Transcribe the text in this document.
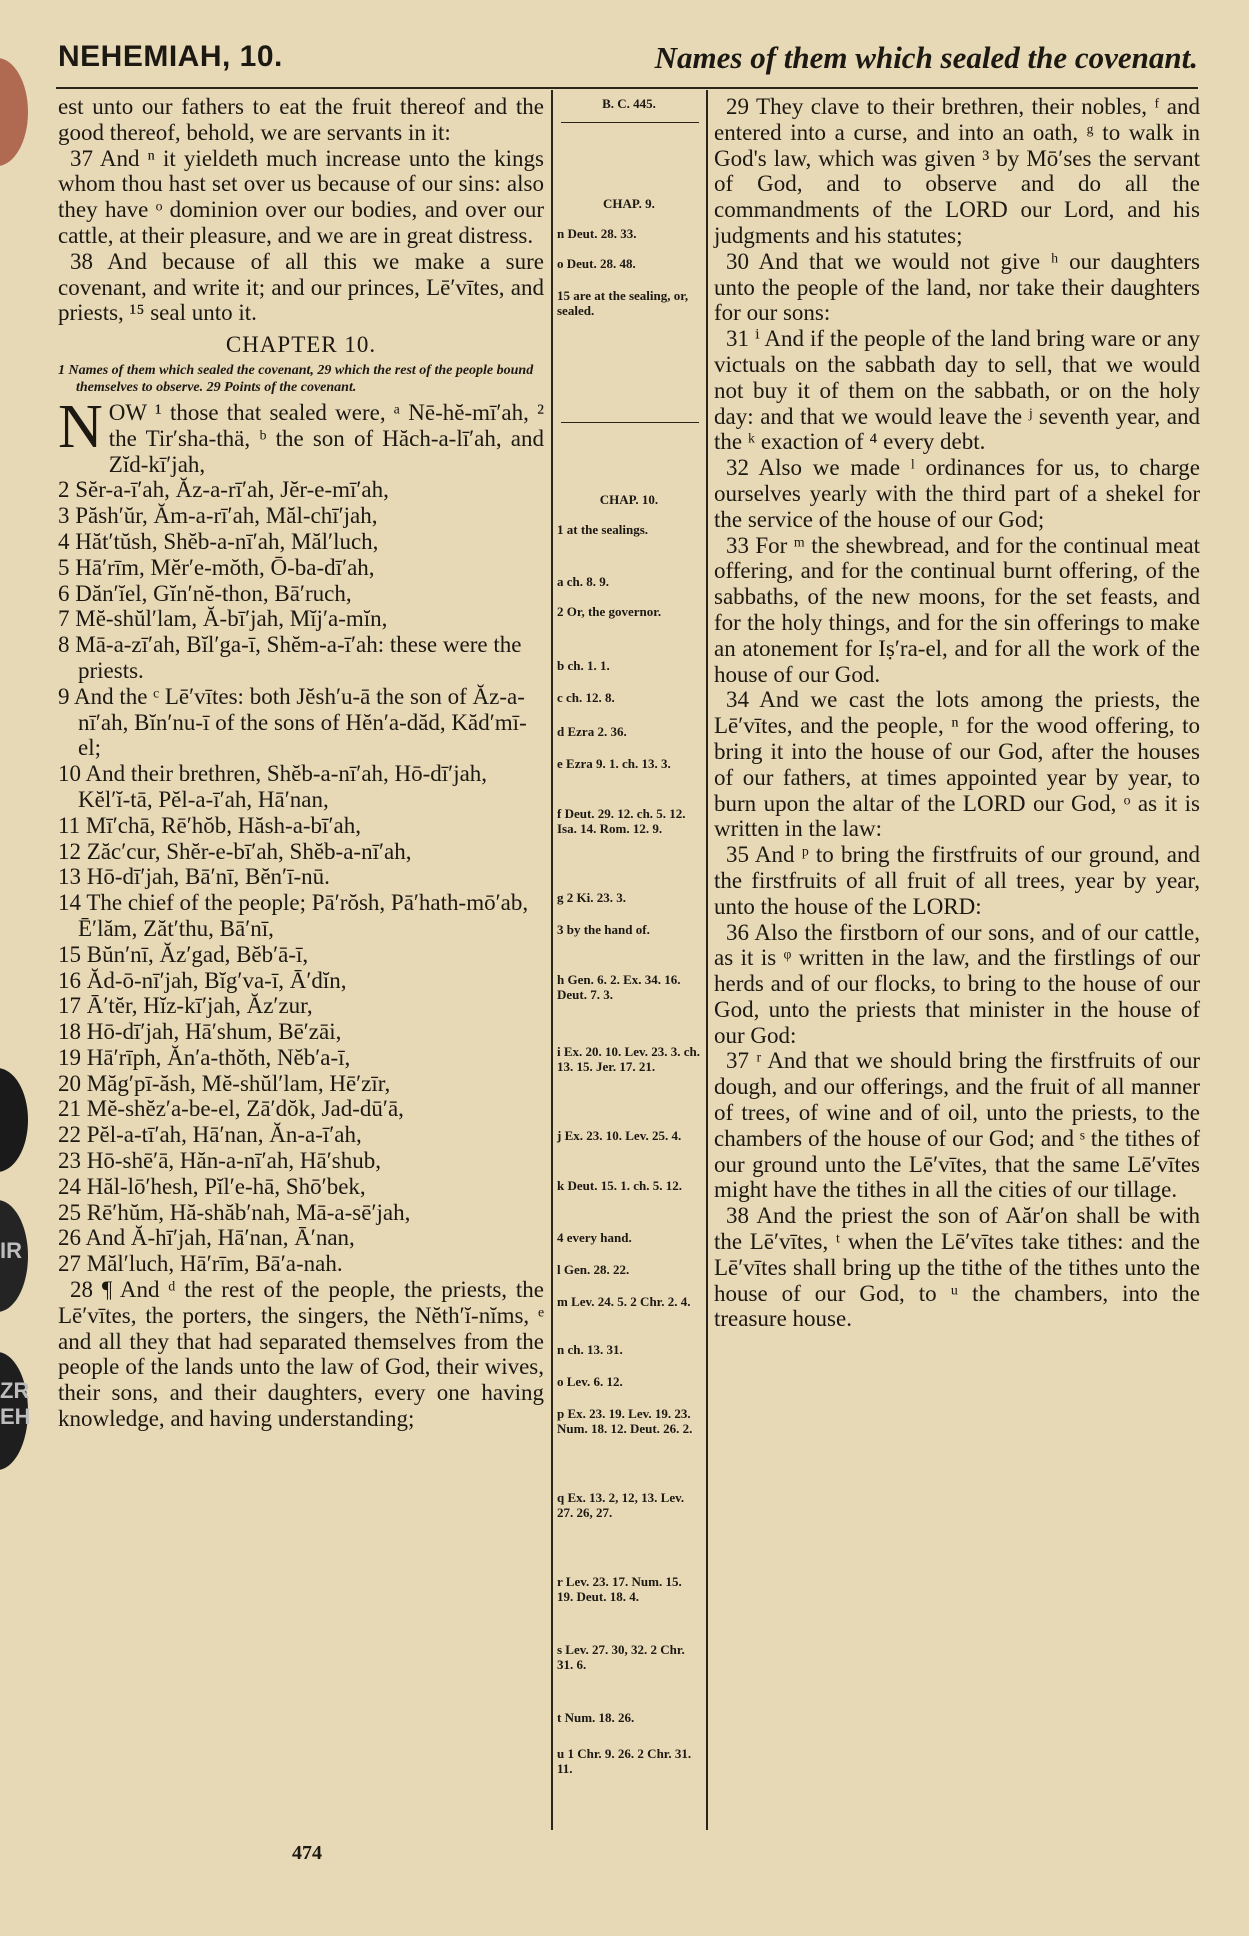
IR
ZR
EH
NEHEMIAH, 10.	Names of them which sealed the covenant.

est unto our fathers to eat the fruit thereof and the good thereof, behold, we are servants in it:

37 And ⁿ it yieldeth much increase unto the kings whom thou hast set over us because of our sins: also they have ᵒ dominion over our bodies, and over our cattle, at their pleasure, and we are in great distress.

38 And because of all this we make a sure covenant, and write it; and our princes, Lē′vītes, and priests, ¹⁵ seal unto it.

CHAPTER 10.

1 Names of them which sealed the covenant, 29 which the rest of the people bound themselves to observe. 29 Points of the covenant.

NOW ¹ those that sealed were, ᵃ Nē-hĕ-mī′ah, ² the Tir′sha-thä, ᵇ the son of Hăch-a-lī′ah, and Zĭd-kī′jah,

2 Sĕr-a-ī′ah, Ăz-a-rī′ah, Jĕr-e-mī′ah,

3 Păsh′ŭr, Ăm-a-rī′ah, Măl-chī′jah,

4 Hăt′tŭsh, Shĕb-a-nī′ah, Măl′luch,

5 Hā′rīm, Mĕr′e-mŏth, Ō-ba-dī′ah,

6 Dăn′ĭel, Gĭn′nĕ-thon, Bā′ruch,

7 Mĕ-shŭl′lam, Ă-bī′jah, Mĭj′a-mĭn,

8 Mā-a-zī′ah, Bĭl′ga-ī, Shĕm-a-ī′ah: these were the priests.

9 And the ᶜ Lē′vītes: both Jĕsh′u-ā the son of Ăz-a-nī′ah, Bĭn′nu-ī of the sons of Hĕn′a-dăd, Kăd′mī-el;

10 And their brethren, Shĕb-a-nī′ah, Hō-dī′jah, Kĕl′ĭ-tā, Pĕl-a-ī′ah, Hā′nan,

11 Mī′chā, Rē′hŏb, Hăsh-a-bī′ah,

12 Zăc′cur, Shĕr-e-bī′ah, Shĕb-a-nī′ah,

13 Hō-dī′jah, Bā′nī, Bĕn′ī-nū.

14 The chief of the people; Pā′rŏsh, Pā′hath-mō′ab, Ē′lăm, Zăt′thu, Bā′nī,

15 Bŭn′nī, Ăz′gad, Bĕb′ā-ī,

16 Ăd-ō-nī′jah, Bĭg′va-ī, Ā′dĭn,

17 Ā′tĕr, Hĭz-kī′jah, Ăz′zur,

18 Hō-dī′jah, Hā′shum, Bē′zāi,

19 Hā′rīph, Ăn′a-thŏth, Nĕb′a-ī,

20 Măg′pī-ăsh, Mĕ-shŭl′lam, Hē′zīr,

21 Mĕ-shĕz′a-be-el, Zā′dŏk, Jad-dū′ā,

22 Pĕl-a-tī′ah, Hā′nan, Ăn-a-ī′ah,

23 Hō-shē′ā, Hăn-a-nī′ah, Hā′shub,

24 Hăl-lō′hesh, Pĭl′e-hā, Shō′bek,

25 Rē′hŭm, Hă-shăb′nah, Mā-a-sē′jah,

26 And Ă-hī′jah, Hā′nan, Ā′nan,

27 Măl′luch, Hā′rīm, Bā′a-nah.

28 ¶ And ᵈ the rest of the people, the priests, the Lē′vītes, the porters, the singers, the Nĕth′ĭ-nĭms, ᵉ and all they that had separated themselves from the people of the lands unto the law of God, their wives, their sons, and their daughters, every one having knowledge, and having understanding;

B. C. 445.
CHAP. 9.
n Deut. 28. 33.
o Deut. 28. 48.
15 are at the sealing, or, sealed.
CHAP. 10.
1 at the sealings.
a ch. 8. 9.
2 Or, the governor.
b ch. 1. 1.
c ch. 12. 8.
d Ezra 2. 36.
e Ezra 9. 1. ch. 13. 3.
f Deut. 29. 12. ch. 5. 12. Isa. 14. Rom. 12. 9.
g 2 Ki. 23. 3.
3 by the hand of.
h Gen. 6. 2. Ex. 34. 16. Deut. 7. 3.
i Ex. 20. 10. Lev. 23. 3. ch. 13. 15. Jer. 17. 21.
j Ex. 23. 10. Lev. 25. 4.
k Deut. 15. 1. ch. 5. 12.
4 every hand.
l Gen. 28. 22.
m Lev. 24. 5. 2 Chr. 2. 4.
n ch. 13. 31.
o Lev. 6. 12.
p Ex. 23. 19. Lev. 19. 23. Num. 18. 12. Deut. 26. 2.
q Ex. 13. 2, 12, 13. Lev. 27. 26, 27.
r Lev. 23. 17. Num. 15. 19. Deut. 18. 4.
s Lev. 27. 30, 32. 2 Chr. 31. 6.
t Num. 18. 26.
u 1 Chr. 9. 26. 2 Chr. 31. 11.

29 They clave to their brethren, their nobles, ᶠ and entered into a curse, and into an oath, ᵍ to walk in God's law, which was given ³ by Mō′ses the servant of God, and to observe and do all the commandments of the LORD our Lord, and his judgments and his statutes;

30 And that we would not give ʰ our daughters unto the people of the land, nor take their daughters for our sons:

31 ⁱ And if the people of the land bring ware or any victuals on the sabbath day to sell, that we would not buy it of them on the sabbath, or on the holy day: and that we would leave the ʲ seventh year, and the ᵏ exaction of ⁴ every debt.

32 Also we made ˡ ordinances for us, to charge ourselves yearly with the third part of a shekel for the service of the house of our God;

33 For ᵐ the shewbread, and for the continual meat offering, and for the continual burnt offering, of the sabbaths, of the new moons, for the set feasts, and for the holy things, and for the sin offerings to make an atonement for Iṣ′ra-el, and for all the work of the house of our God.

34 And we cast the lots among the priests, the Lē′vītes, and the people, ⁿ for the wood offering, to bring it into the house of our God, after the houses of our fathers, at times appointed year by year, to burn upon the altar of the LORD our God, ᵒ as it is written in the law:

35 And ᵖ to bring the firstfruits of our ground, and the firstfruits of all fruit of all trees, year by year, unto the house of the LORD:

36 Also the firstborn of our sons, and of our cattle, as it is ᵠ written in the law, and the firstlings of our herds and of our flocks, to bring to the house of our God, unto the priests that minister in the house of our God:

37 ʳ And that we should bring the firstfruits of our dough, and our offerings, and the fruit of all manner of trees, of wine and of oil, unto the priests, to the chambers of the house of our God; and ˢ the tithes of our ground unto the Lē′vītes, that the same Lē′vītes might have the tithes in all the cities of our tillage.

38 And the priest the son of Aăr′on shall be with the Lē′vītes, ᵗ when the Lē′vītes take tithes: and the Lē′vītes shall bring up the tithe of the tithes unto the house of our God, to ᵘ the chambers, into the treasure house.

474
